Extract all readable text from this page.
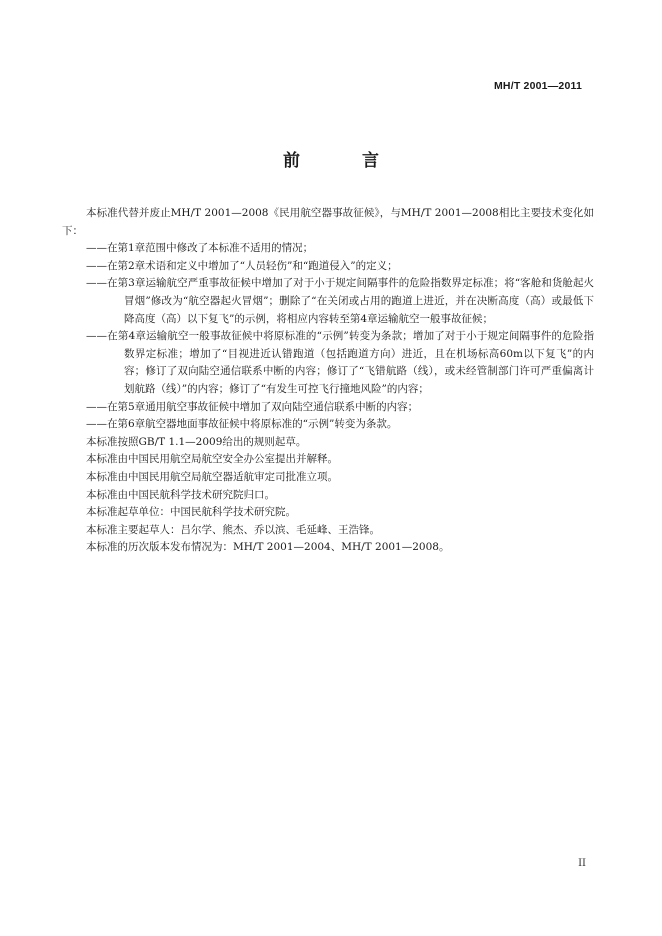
MH/T 2001—2011
前 言

本标准代替并废止MH/T 2001—2008《民用航空器事故征候》，与MH/T 2001—2008相比主要技术变化如下：

——在第1章范围中修改了本标准不适用的情况；

——在第2章术语和定义中增加了“人员轻伤”和“跑道侵入”的定义；

——在第3章运输航空严重事故征候中增加了对于小于规定间隔事件的危险指数界定标准；将“客舱和货舱起火冒烟”修改为“航空器起火冒烟”；删除了“在关闭或占用的跑道上进近，并在决断高度（高）或最低下降高度（高）以下复飞”的示例，将相应内容转至第4章运输航空一般事故征候；

——在第4章运输航空一般事故征候中将原标准的“示例”转变为条款；增加了对于小于规定间隔事件的危险指数界定标准；增加了“目视进近认错跑道（包括跑道方向）进近，且在机场标高60m以下复飞”的内容；修订了双向陆空通信联系中断的内容；修订了“飞错航路（线），或未经管制部门许可严重偏离计划航路（线）”的内容；修订了“有发生可控飞行撞地风险”的内容；

——在第5章通用航空事故征候中增加了双向陆空通信联系中断的内容；

——在第6章航空器地面事故征候中将原标准的“示例”转变为条款。

本标准按照GB/T 1.1—2009给出的规则起草。

本标准由中国民用航空局航空安全办公室提出并解释。

本标准由中国民用航空局航空器适航审定司批准立项。

本标准由中国民航科学技术研究院归口。

本标准起草单位：中国民航科学技术研究院。

本标准主要起草人：吕尔学、熊杰、乔以滨、毛延峰、王浩锋。

本标准的历次版本发布情况为：MH/T 2001—2004、MH/T 2001—2008。

II
